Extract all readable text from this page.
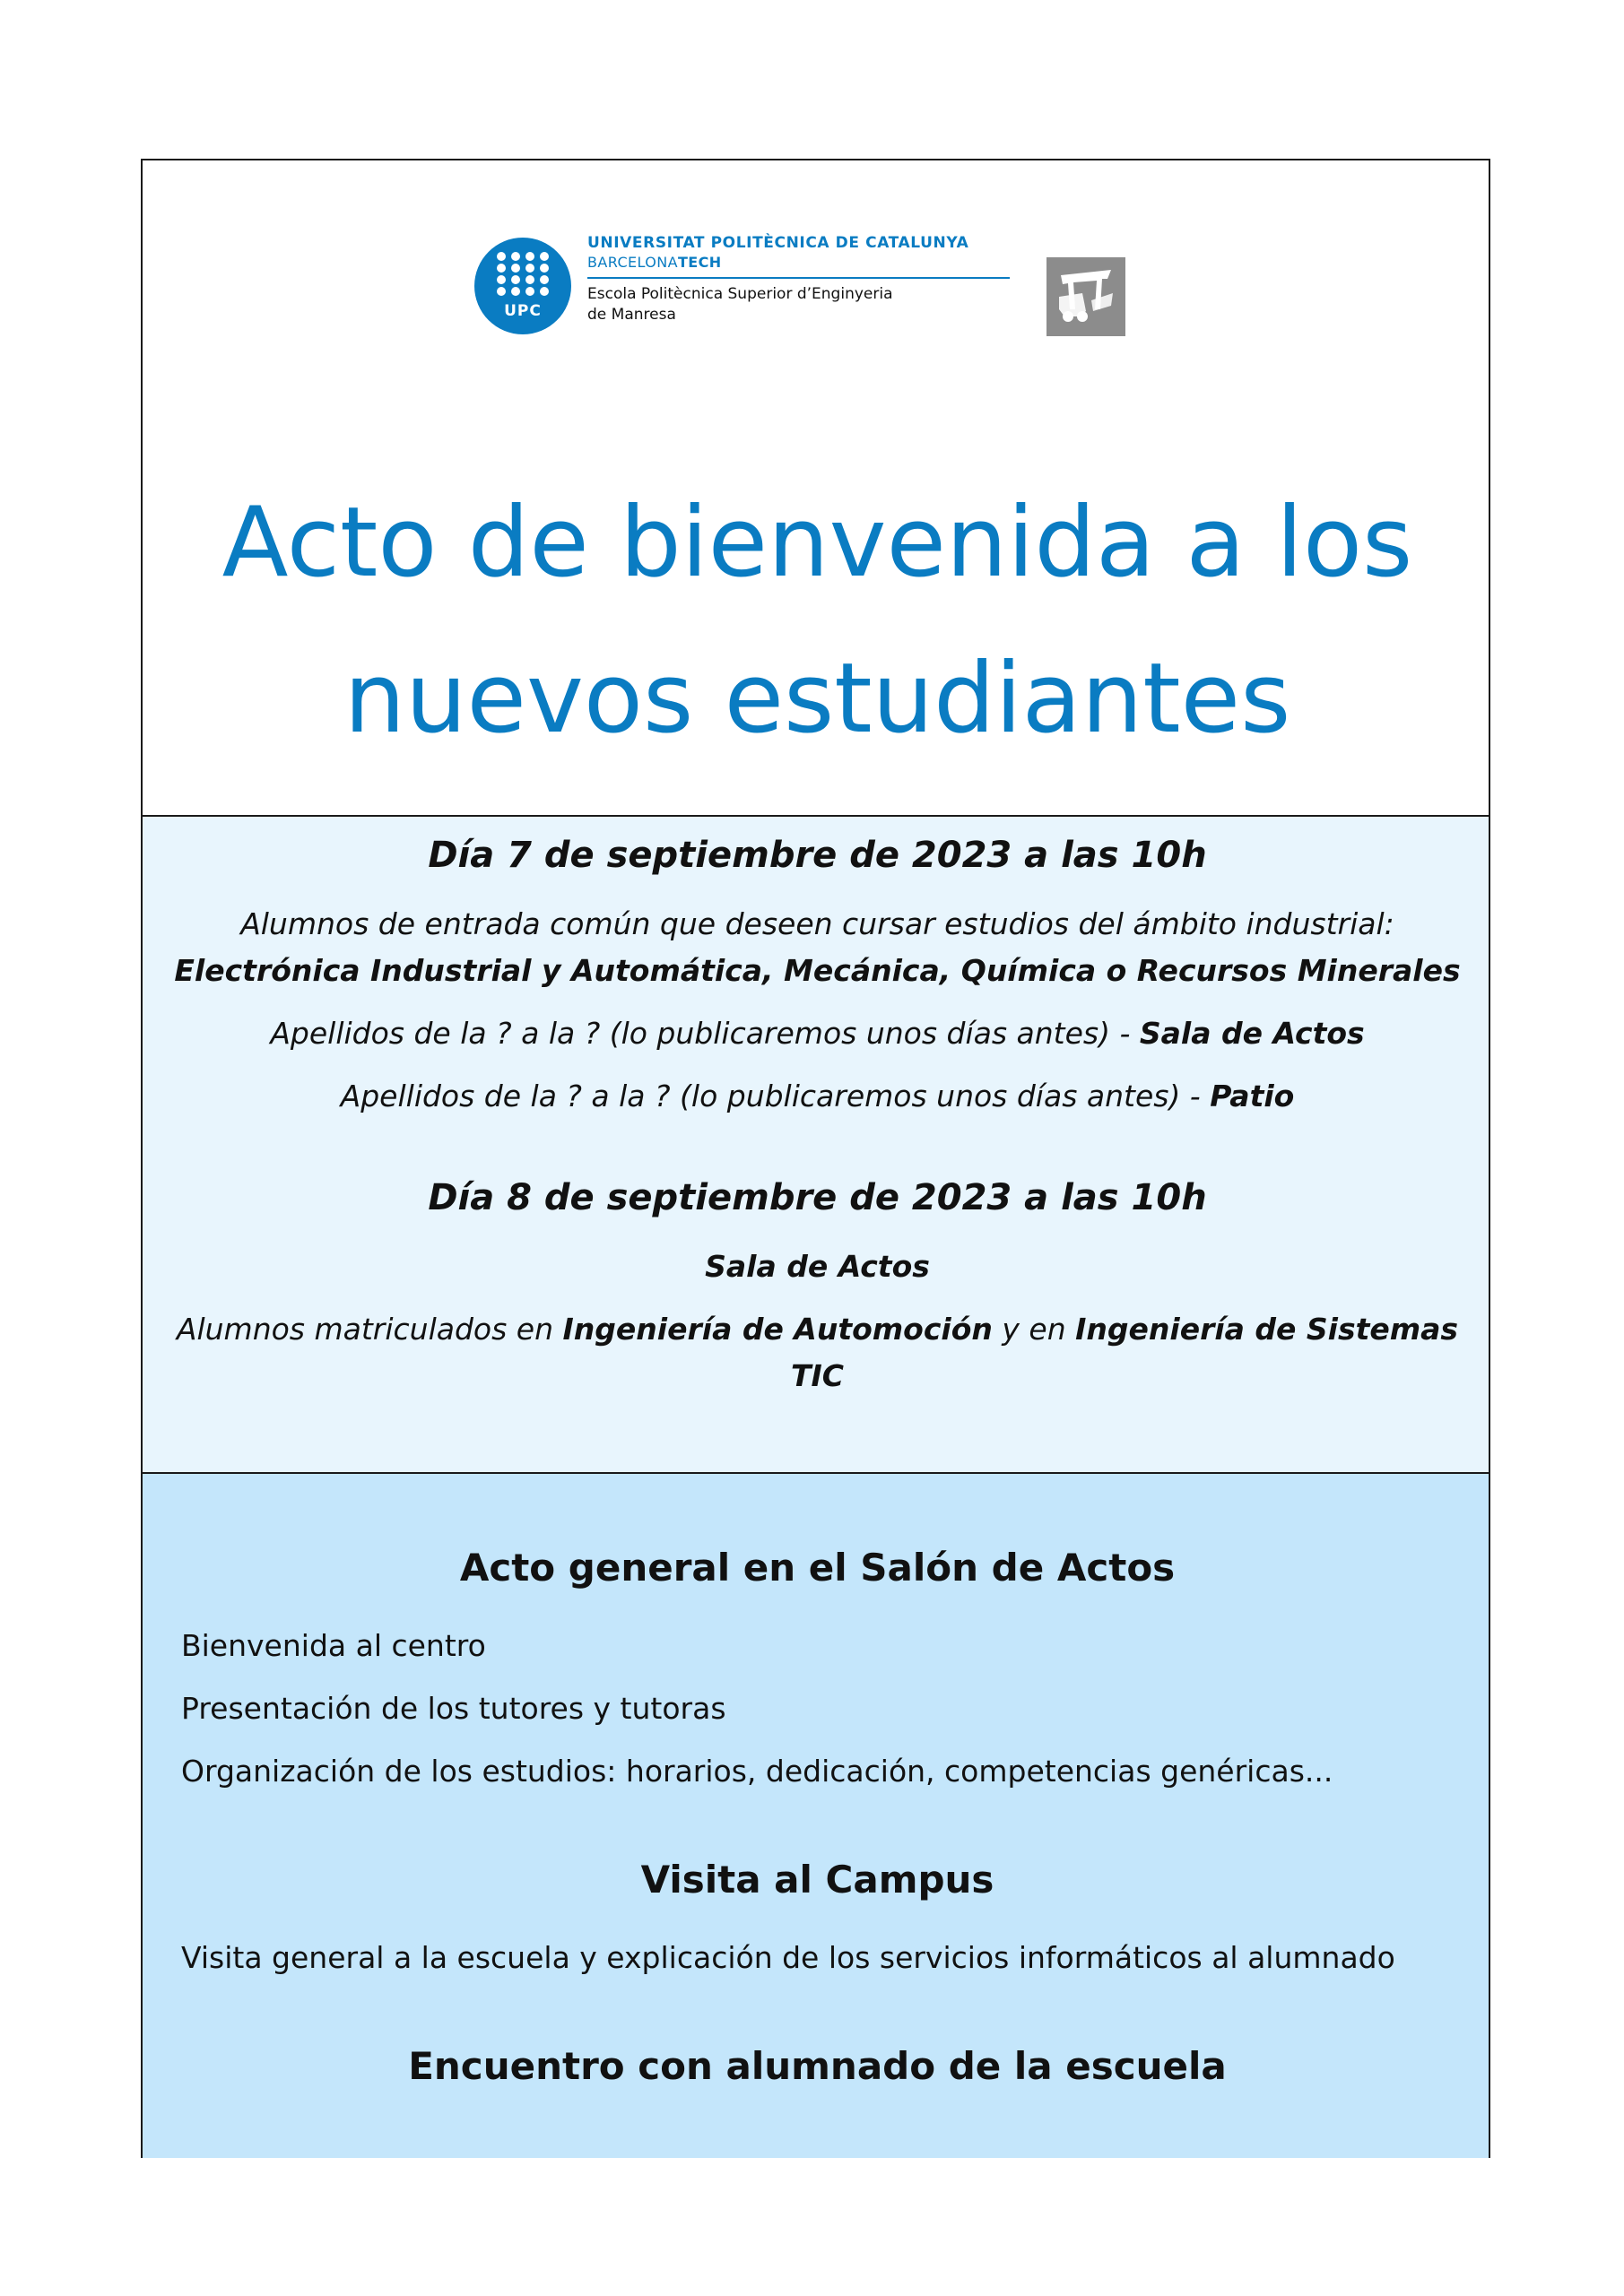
UPC
UNIVERSITAT POLITÈCNICA DE CATALUNYA
BARCELONATECH
Escola Politècnica Superior d’Enginyeria
de Manresa
Acto de bienvenida a los
nuevos estudiantes
Día 7 de septiembre de 2023 a las 10h
Alumnos de entrada común que deseen cursar estudios del ámbito industrial:
Electrónica Industrial y Automática, Mecánica, Química o Recursos Minerales
Apellidos de la ? a la ? (lo publicaremos unos días antes) - Sala de Actos
Apellidos de la ? a la ? (lo publicaremos unos días antes) - Patio
Día 8 de septiembre de 2023 a las 10h
Sala de Actos
Alumnos matriculados en Ingeniería de Automoción y en Ingeniería de Sistemas
TIC
Acto general en el Salón de Actos
Bienvenida al centro
Presentación de los tutores y tutoras
Organización de los estudios: horarios, dedicación, competencias genéricas...
Visita al Campus
Visita general a la escuela y explicación de los servicios informáticos al alumnado
Encuentro con alumnado de la escuela
